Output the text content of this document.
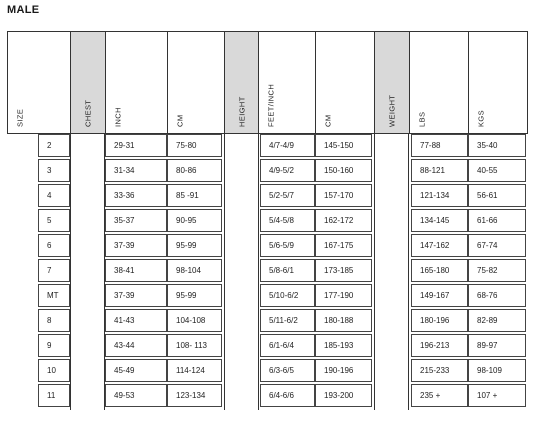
MALE
SIZE	CHEST	INCH	CM	HEIGHT	FEET/INCH	CM	WEIGHT	LBS	KGS
2	29-31	75-80	4/7-4/9	145-150	77-88	35-40
3	31-34	80-86	4/9-5/2	150-160	88-121	40-55
4	33-36	85 -91	5/2-5/7	157-170	121-134	56-61
5	35-37	90-95	5/4-5/8	162-172	134-145	61-66
6	37-39	95-99	5/6-5/9	167-175	147-162	67-74
7	38-41	98-104	5/8-6/1	173-185	165-180	75-82
MT	37-39	95-99	5/10-6/2	177-190	149-167	68-76
8	41-43	104-108	5/11-6/2	180-188	180-196	82-89
9	43-44	108- 113	6/1-6/4	185-193	196-213	89-97
10	45-49	114-124	6/3-6/5	190-196	215-233	98-109
11	49-53	123-134	6/4-6/6	193-200	235 +	107 +
